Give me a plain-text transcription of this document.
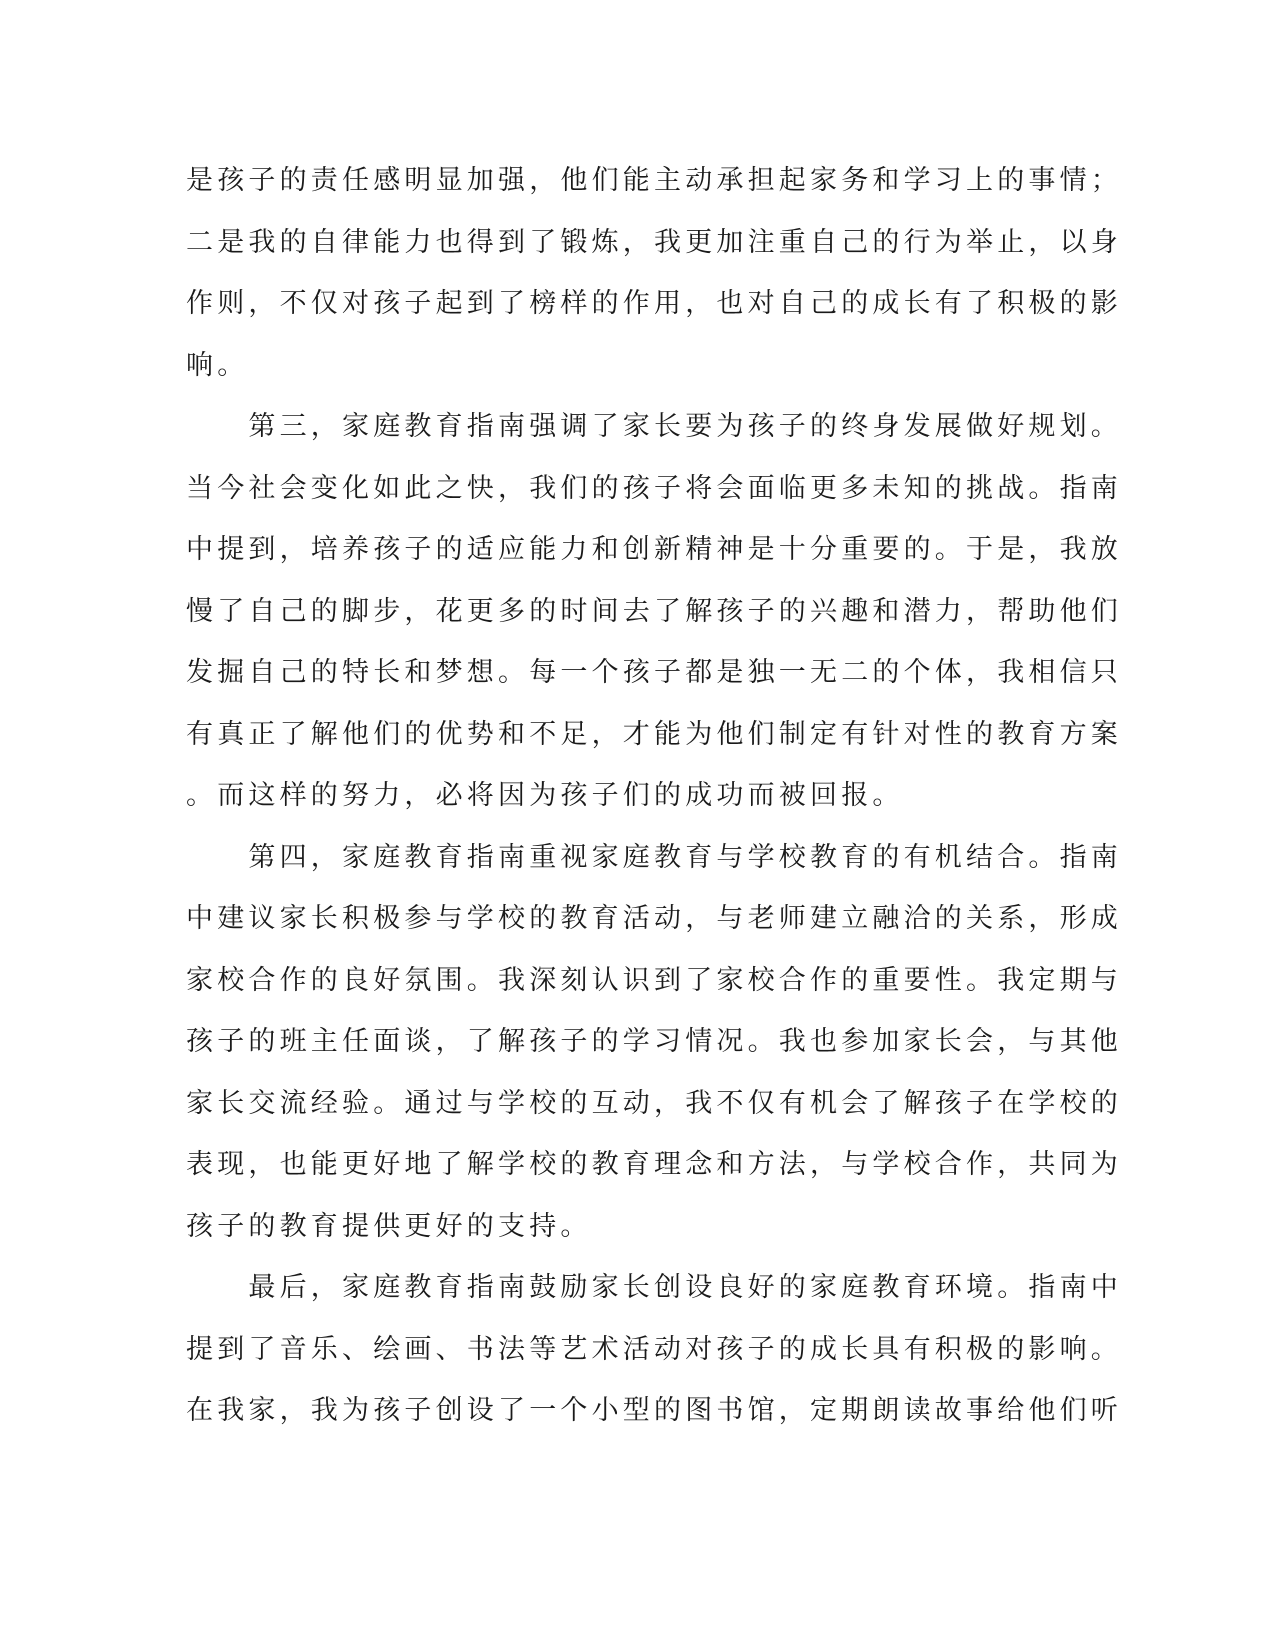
是孩子的责任感明显加强，他们能主动承担起家务和学习上的事情；
二是我的自律能力也得到了锻炼，我更加注重自己的行为举止，以身
作则，不仅对孩子起到了榜样的作用，也对自己的成长有了积极的影
响。
　　第三，家庭教育指南强调了家长要为孩子的终身发展做好规划。
当今社会变化如此之快，我们的孩子将会面临更多未知的挑战。指南
中提到，培养孩子的适应能力和创新精神是十分重要的。于是，我放
慢了自己的脚步，花更多的时间去了解孩子的兴趣和潜力，帮助他们
发掘自己的特长和梦想。每一个孩子都是独一无二的个体，我相信只
有真正了解他们的优势和不足，才能为他们制定有针对性的教育方案
。而这样的努力，必将因为孩子们的成功而被回报。
　　第四，家庭教育指南重视家庭教育与学校教育的有机结合。指南
中建议家长积极参与学校的教育活动，与老师建立融洽的关系，形成
家校合作的良好氛围。我深刻认识到了家校合作的重要性。我定期与
孩子的班主任面谈，了解孩子的学习情况。我也参加家长会，与其他
家长交流经验。通过与学校的互动，我不仅有机会了解孩子在学校的
表现，也能更好地了解学校的教育理念和方法，与学校合作，共同为
孩子的教育提供更好的支持。
　　最后，家庭教育指南鼓励家长创设良好的家庭教育环境。指南中
提到了音乐、绘画、书法等艺术活动对孩子的成长具有积极的影响。
在我家，我为孩子创设了一个小型的图书馆，定期朗读故事给他们听
